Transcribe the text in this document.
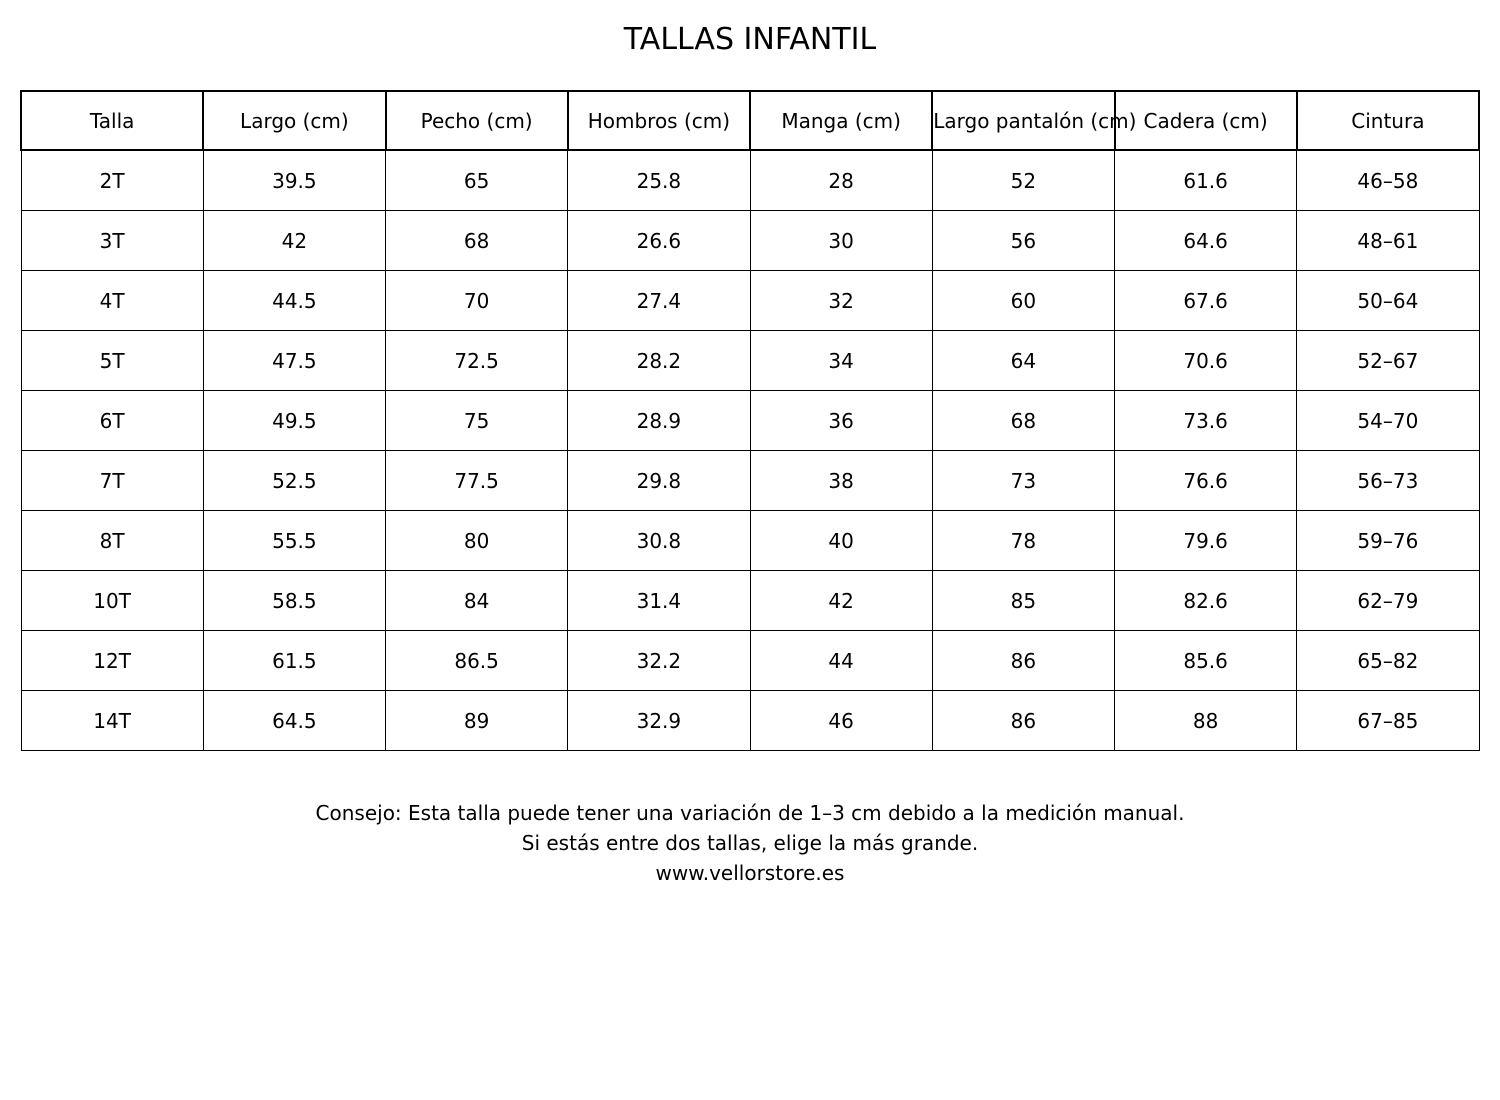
TALLAS INFANTIL
Talla	Largo (cm)	Pecho (cm)	Hombros (cm)	Manga (cm)	Largo pantalón (cm)	Cadera (cm)	Cintura
2T	39.5	65	25.8	28	52	61.6	46–58
3T	42	68	26.6	30	56	64.6	48–61
4T	44.5	70	27.4	32	60	67.6	50–64
5T	47.5	72.5	28.2	34	64	70.6	52–67
6T	49.5	75	28.9	36	68	73.6	54–70
7T	52.5	77.5	29.8	38	73	76.6	56–73
8T	55.5	80	30.8	40	78	79.6	59–76
10T	58.5	84	31.4	42	85	82.6	62–79
12T	61.5	86.5	32.2	44	86	85.6	65–82
14T	64.5	89	32.9	46	86	88	67–85
Consejo: Esta talla puede tener una variación de 1–3 cm debido a la medición manual.
Si estás entre dos tallas, elige la más grande.
www.vellorstore.es
